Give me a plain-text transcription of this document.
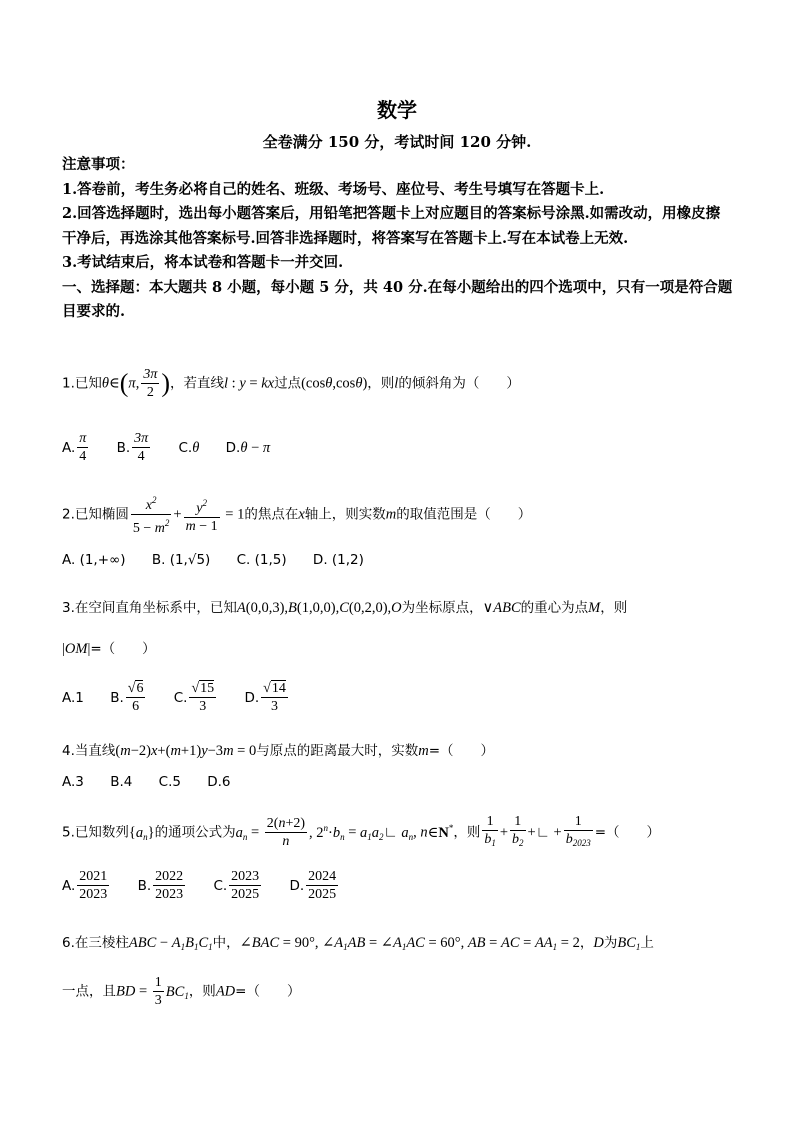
数学
全卷满分 150 分，考试时间 120 分钟.
注意事项：
1.答卷前，考生务必将自己的姓名、班级、考场号、座位号、考生号填写在答题卡上.
2.回答选择题时，选出每小题答案后，用铅笔把答题卡上对应题目的答案标号涂黑.如需改动，用橡皮擦干净后，再选涂其他答案标号.回答非选择题时，将答案写在答题卡上.写在本试卷上无效.
3.考试结束后，将本试卷和答题卡一并交回.
一、选择题：本大题共 8 小题，每小题 5 分，共 40 分.在每小题给出的四个选项中，只有一项是符合题目要求的.
1.已知θ∈(π, $\frac{3\pi}{2}$ )，若直线l : y = kx过点(cosθ,cosθ)，则l的倾斜角为（　　）
A. $\frac{\pi}{4} B$. $\frac{3\pi}{4} C.\theta$ D.θ − π
2.已知椭圆 $\frac{x^2}{5 - m^2} + \frac{y^2}{m - 1} = 1$的焦点在x轴上，则实数m的取值范围是（　　）
A. (1,+∞) B. (1,√5) C. (1,5) D. (1,2)
3.在空间直角坐标系中，已知A(0,0,3),B(1,0,0),C(0,2,0),O为坐标原点，∨ABC的重心为点M，则
|OM|=（　　）
A.1 B. $\frac{√6}{6} C$. $\frac{√15}{3} D$. $\frac{√14}{3}$
4.当直线(m−2)x+(m+1)y−3m = 0与原点的距离最大时，实数m=（　　）
A.3 B.4 C.5 D.6
5.已知数列$\{a_n\}$的通项公式为$a_n = \frac{2(n+2)}{n}$ , $2^n\cdot b_n$ = $a_1a_2∟$ $a_n$, n∈N*，则 $\frac{1}{b_1} + \frac{1}{b_2}$ +∟ + $\frac{1}{b_{2023}}$ =（　　）
A. $\frac{2021}{2023} B$. $\frac{2022}{2023} C$. $\frac{2023}{2025} D$. $\frac{2024}{2025}$
6.在三棱柱ABC − $A_1B_1C_1$中，∠BAC = 90°, $\angle A_1AB$ = $\angle A_1AC = 60^\circ$, AB = AC = $AA_1 = 2$，D为$BC_1$上
一点，且BD = $\frac{1}{3} BC_1$，则AD=（　　）
